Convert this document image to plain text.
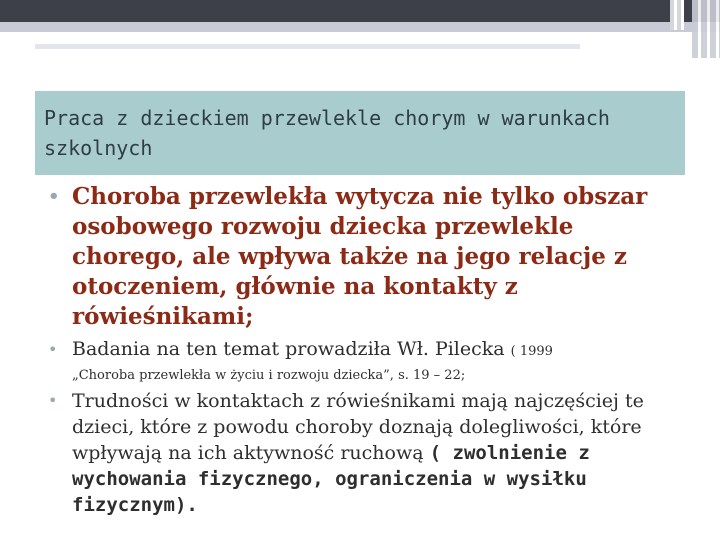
Praca z dzieckiem przewlekle chorym w warunkach szkolnych
• Choroba przewlekła wytycza nie tylko obszar osobowego rozwoju dziecka przewlekle chorego, ale wpływa także na jego relacje z otoczeniem, głównie na kontakty z rówieśnikami;
• Badania na ten temat prowadziła Wł. Pilecka ( 1999
„Choroba przewlekła w życiu i rozwoju dziecka”, s. 19 – 22;
• Trudności w kontaktach z rówieśnikami mają najczęściej te dzieci, które z powodu choroby doznają dolegliwości, które wpływają na ich aktywność ruchową ( zwolnienie z wychowania fizycznego, ograniczenia w wysiłku fizycznym).
